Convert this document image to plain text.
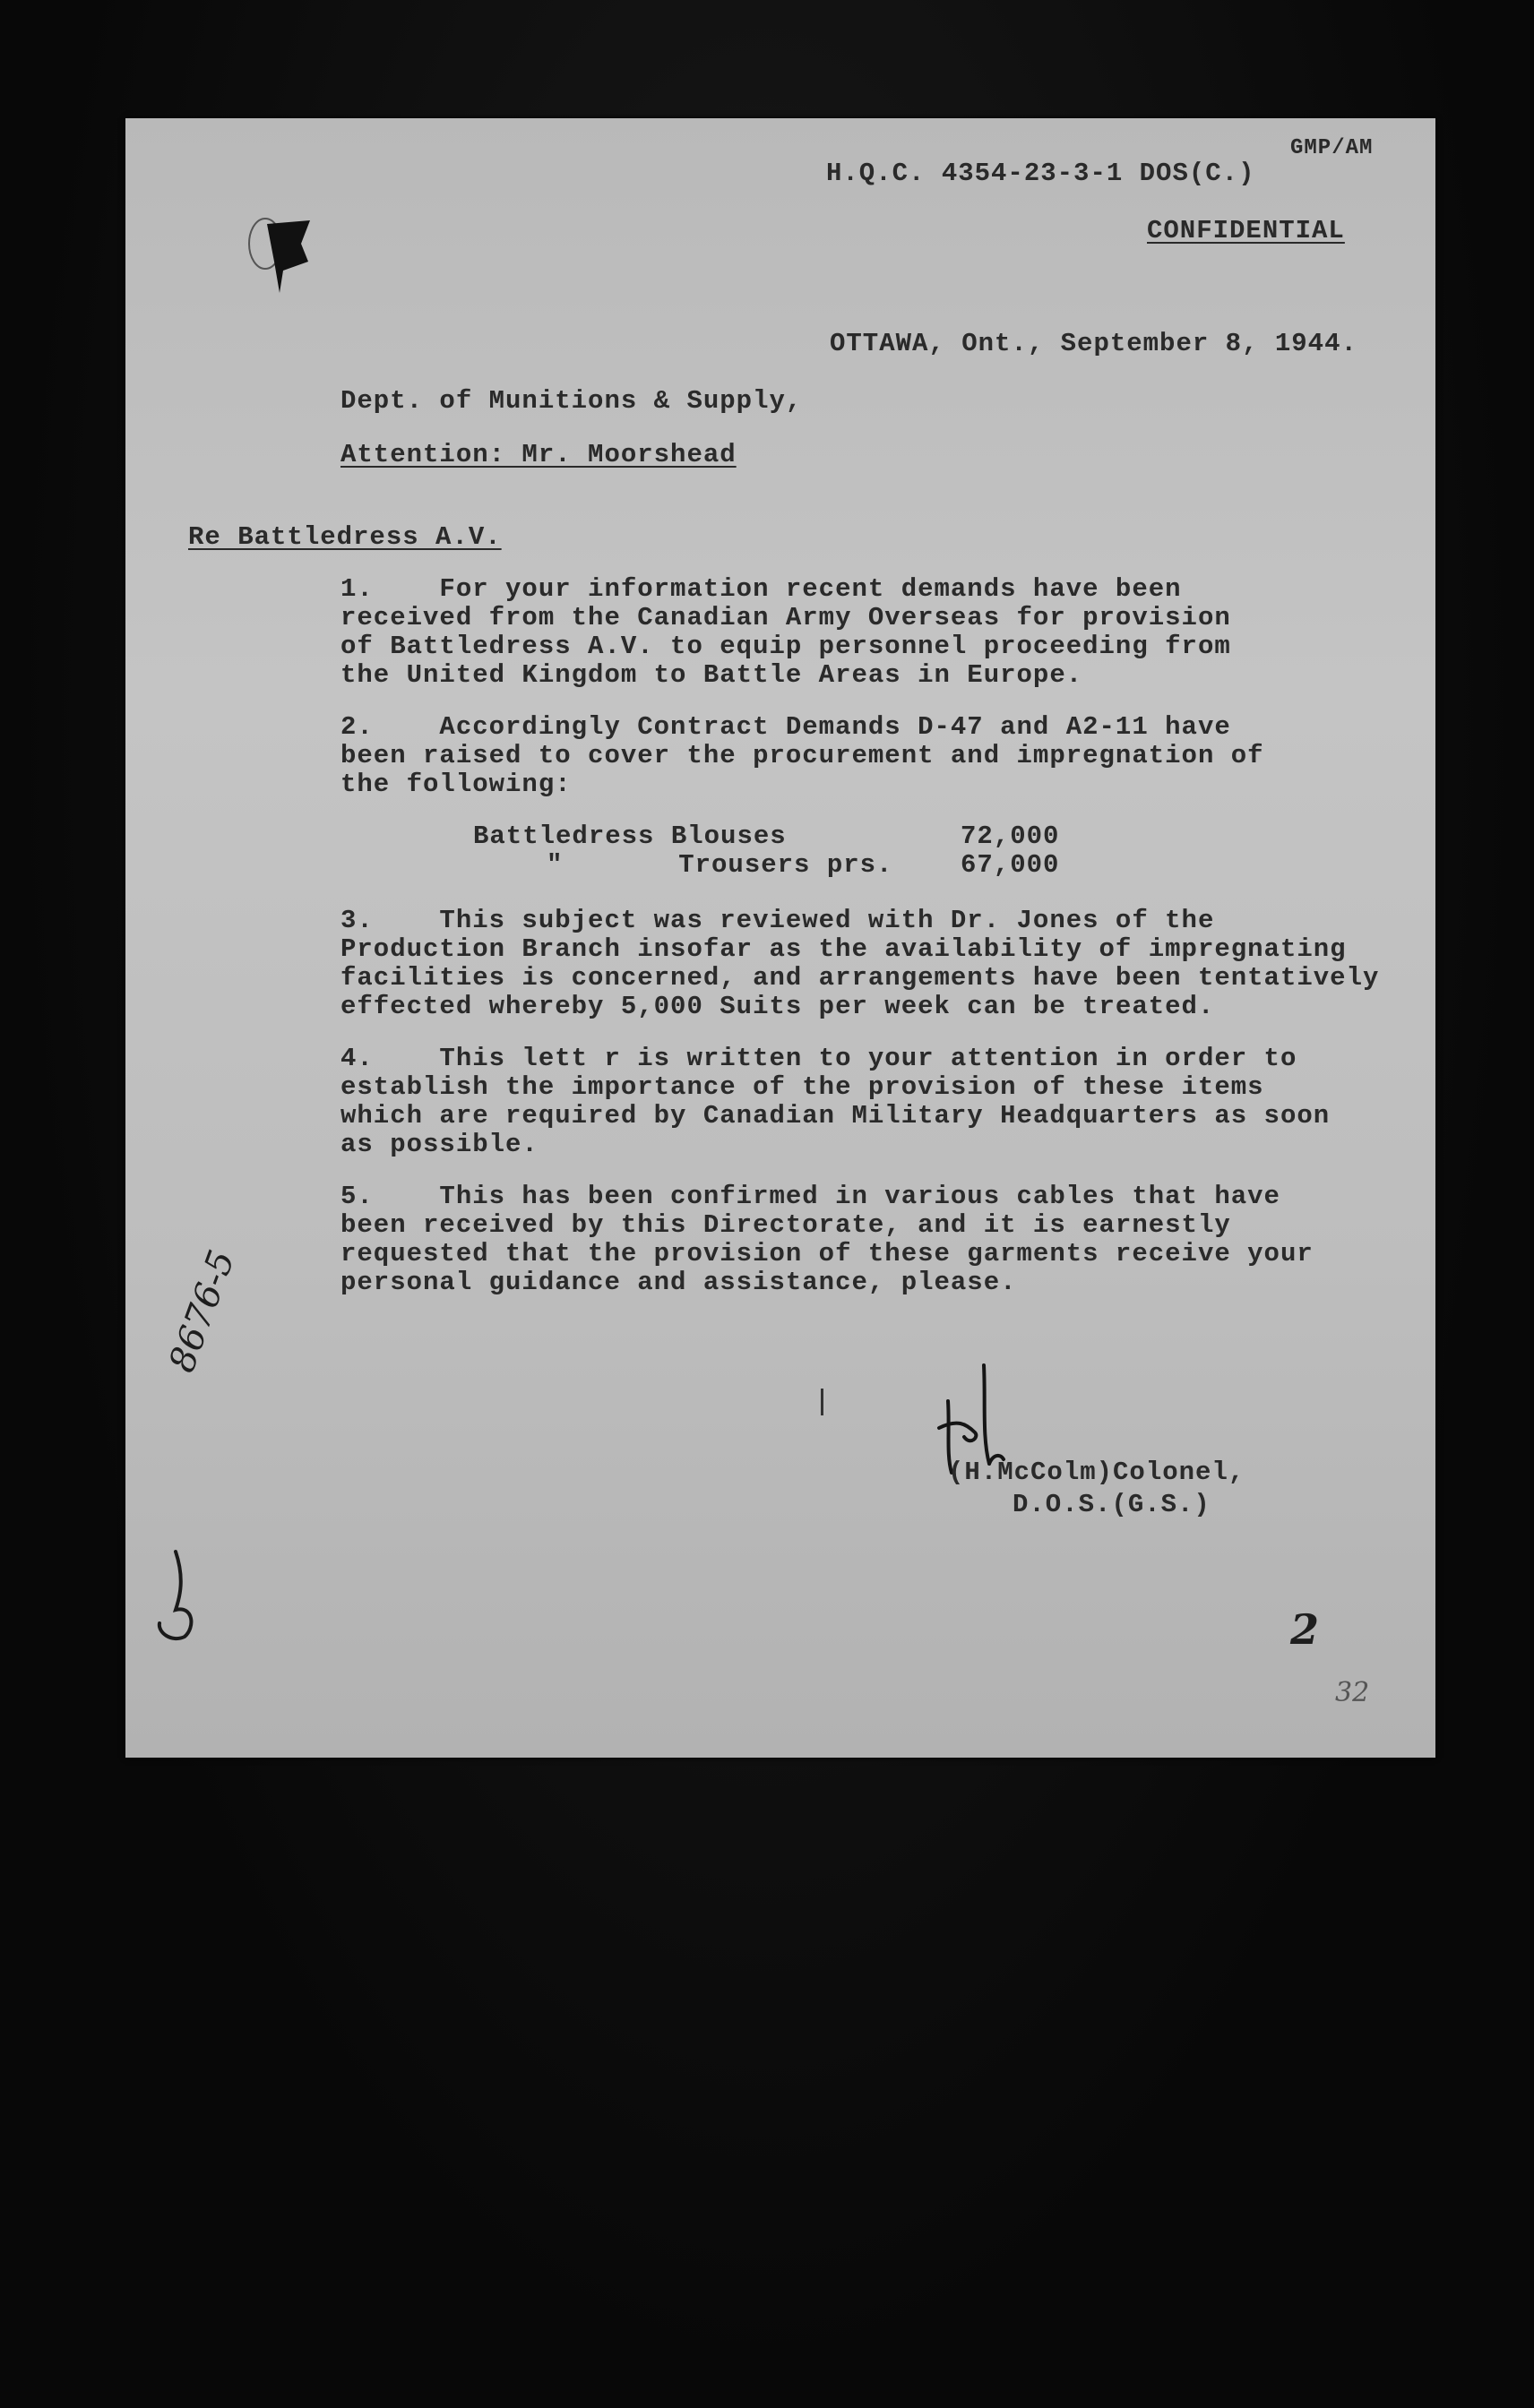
GMP/AM
H.Q.C. 4354-23-3-1 DOS(C.)
CONFIDENTIAL
OTTAWA, Ont., September 8, 1944.
Dept. of Munitions & Supply,
Attention: Mr. Moorshead
Re Battledress A.V.
1.    For your information recent demands have been
received from the Canadian Army Overseas for provision
of Battledress A.V. to equip personnel proceeding from
the United Kingdom to Battle Areas in Europe.
2.    Accordingly Contract Demands D-47 and A2-11 have
been raised to cover the procurement and impregnation of
the following:
Battledress Blouses	72,000
"       Trousers prs.	67,000
3.    This subject was reviewed with Dr. Jones of the
Production Branch insofar as the availability of impregnating
facilities is concerned, and arrangements have been tentatively
effected whereby 5,000 Suits per week can be treated.
4.    This lett r is written to your attention in order to
establish the importance of the provision of these items
which are required by Canadian Military Headquarters as soon
as possible.
5.    This has been confirmed in various cables that have
been received by this Directorate, and it is earnestly
requested that the provision of these garments receive your
personal guidance and assistance, please.
(H.McColm)Colonel,
D.O.S.(G.S.)
8676-5
2
32
